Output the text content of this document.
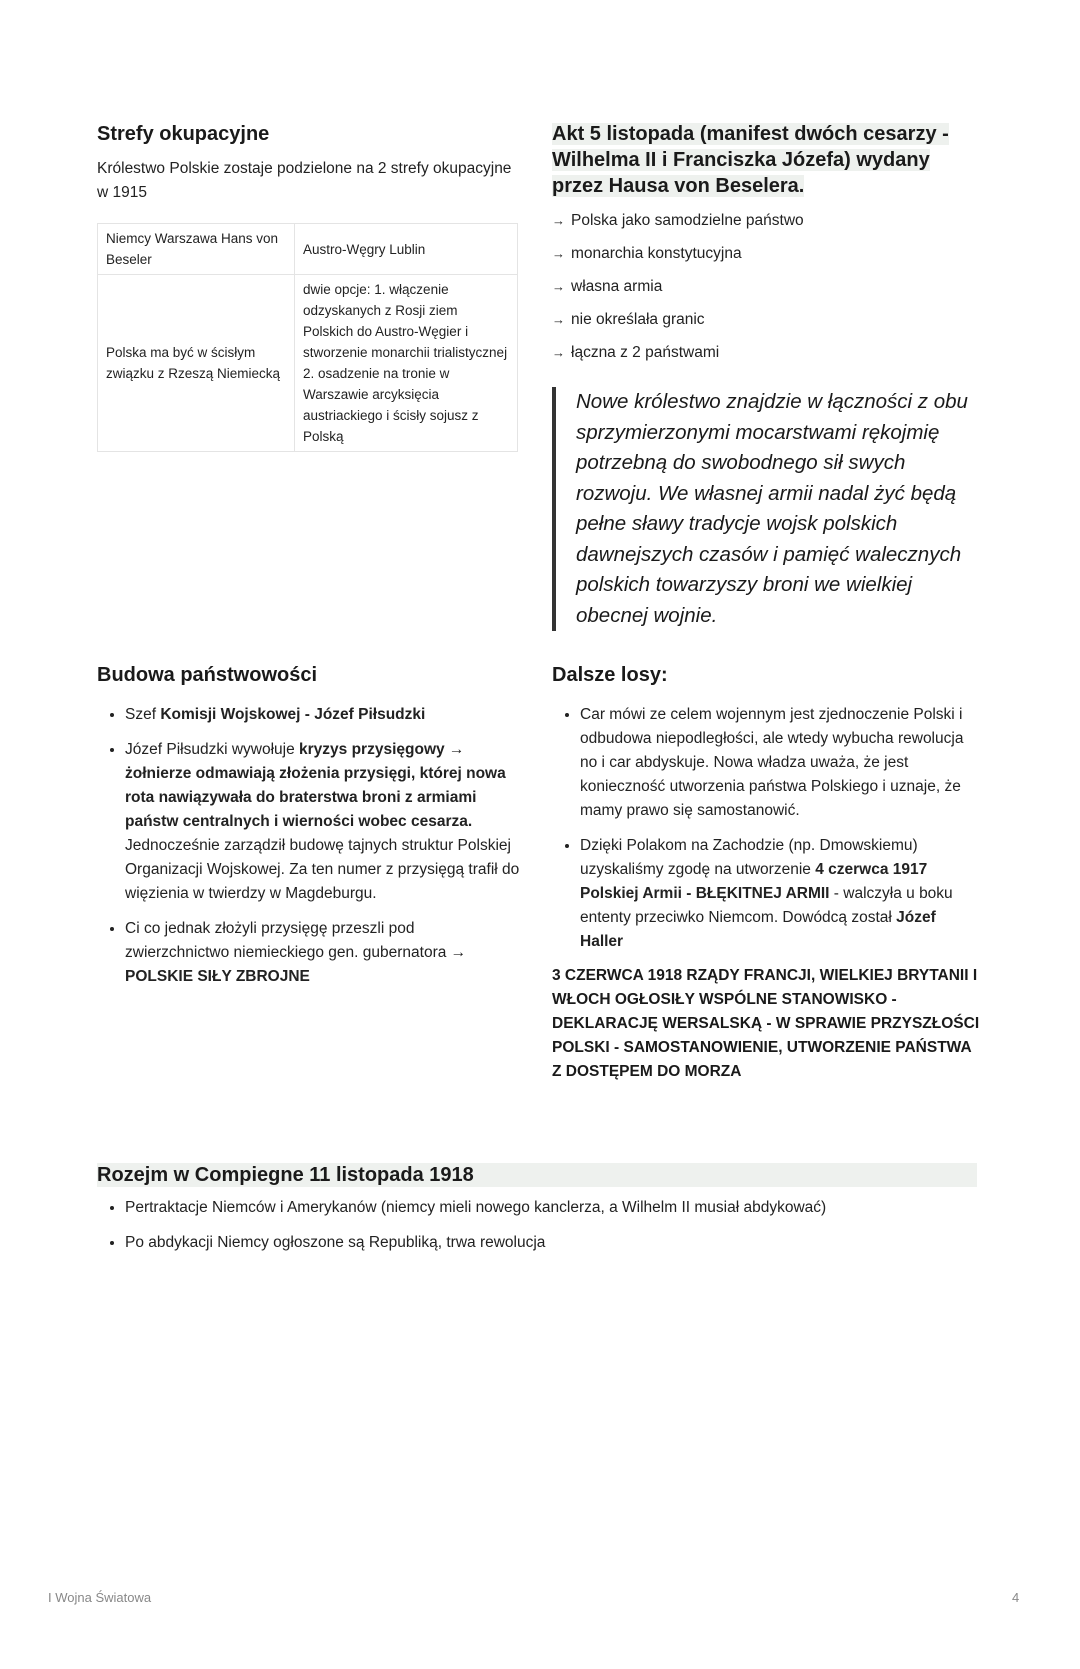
Strefy okupacyjne

Królestwo Polskie zostaje podzielone na 2 strefy okupacyjne w 1915

Niemcy Warszawa Hans von Beseler	Austro-Węgry Lublin
Polska ma być w ścisłym związku z Rzeszą Niemiecką	dwie opcje: 1. włączenie odzyskanych z Rosji ziem Polskich do Austro-Węgier i stworzenie monarchii trialistycznej 2. osadzenie na tronie w Warszawie arcyksięcia austriackiego i ścisły sojusz z Polską
Akt 5 listopada (manifest dwóch cesarzy - Wilhelma II i Franciszka Józefa) wydany przez Hausa von Beselera.
→ Polska jako samodzielne państwo
→ monarchia konstytucyjna
→ własna armia
→ nie określała granic
→ łączna z 2 państwami
Nowe królestwo znajdzie w łączności z obu sprzymierzonymi mocarstwami rękojmię potrzebną do swobodnego sił swych rozwoju. We własnej armii nadal żyć będą pełne sławy tradycje wojsk polskich dawnejszych czasów i pamięć walecznych polskich towarzyszy broni we wielkiej obecnej wojnie.
Budowa państwowości
• Szef Komisji Wojskowej - Józef Piłsudzki
• Józef Piłsudzki wywołuje kryzys przysięgowy → żołnierze odmawiają złożenia przysięgi, której nowa rota nawiązywała do braterstwa broni z armiami państw centralnych i wierności wobec cesarza. Jednocześnie zarządził budowę tajnych struktur Polskiej Organizacji Wojskowej. Za ten numer z przysięgą trafił do więzienia w twierdzy w Magdeburgu.
• Ci co jednak złożyli przysięgę przeszli pod zwierzchnictwo niemieckiego gen. gubernatora → POLSKIE SIŁY ZBROJNE
Dalsze losy:
• Car mówi ze celem wojennym jest zjednoczenie Polski i odbudowa niepodległości, ale wtedy wybucha rewolucja no i car abdyskuje. Nowa władza uważa, że jest konieczność utworzenia państwa Polskiego i uznaje, że mamy prawo się samostanowić.
• Dzięki Polakom na Zachodzie (np. Dmowskiemu) uzyskaliśmy zgodę na utworzenie 4 czerwca 1917 Polskiej Armii - BŁĘKITNEJ ARMII - walczyła u boku ententy przeciwko Niemcom. Dowódcą został Józef Haller

3 CZERWCA 1918 RZĄDY FRANCJI, WIELKIEJ BRYTANII I WŁOCH OGŁOSIŁY WSPÓLNE STANOWISKO - DEKLARACJĘ WERSALSKĄ - W SPRAWIE PRZYSZŁOŚCI POLSKI - SAMOSTANOWIENIE, UTWORZENIE PAŃSTWA Z DOSTĘPEM DO MORZA

Rozejm w Compiegne 11 listopada 1918
• Pertraktacje Niemców i Amerykanów (niemcy mieli nowego kanclerza, a Wilhelm II musiał abdykować)
• Po abdykacji Niemcy ogłoszone są Republiką, trwa rewolucja
I Wojna Światowa	4
